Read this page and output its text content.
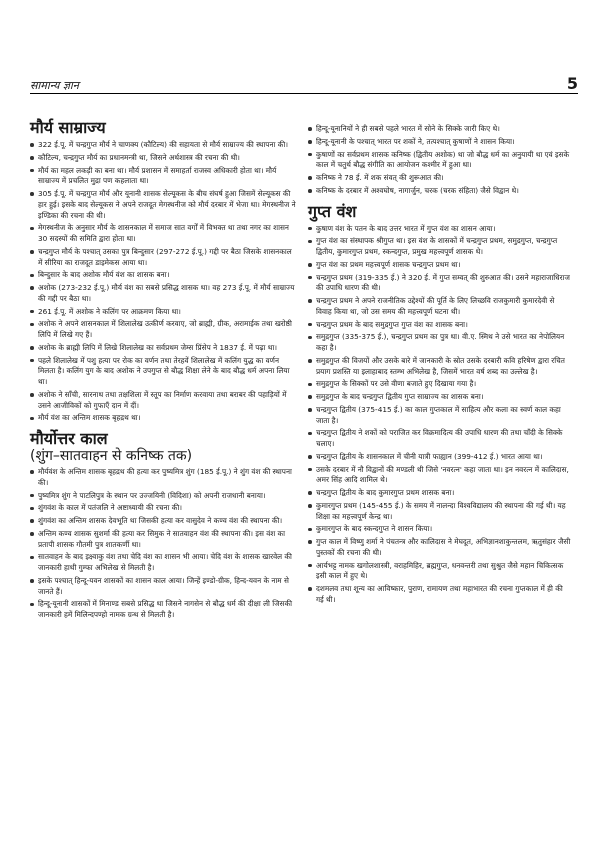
सामान्य ज्ञान	5
मौर्य साम्राज्य
322 ई.पू. में चन्द्रगुप्त मौर्य ने चाणक्य (कौटिल्य) की सहायता से मौर्य साम्राज्य की स्थापना की।
कौटिल्य, चन्द्रगुप्त मौर्य का प्रधानमन्त्री था, जिसने अर्थशास्त्र की रचना की थी।
मौर्य का महल लकड़ी का बना था। मौर्य प्रशासन में समाहर्ता राजस्व अधिकारी होता था। मौर्य साम्राज्य में प्रचलित मुद्रा पण कहलाता था।
305 ई.पू. में चन्द्रगुप्त मौर्य और यूनानी शासक सेल्यूकस के बीच संघर्ष हुआ जिसमें सेल्यूकस की हार हुई। इसके बाद सेल्यूकस ने अपने राजदूत मेगस्थनीज को मौर्य दरबार में भेजा था। मेगस्थनीज ने इण्डिका की रचना की थी।
मेगस्थनीज के अनुसार मौर्य के शासनकाल में समाज सात वर्गों में विभक्त था तथा नगर का शासन 30 सदस्यों की समिति द्वारा होता था।
चन्द्रगुप्त मौर्य के पश्चात् उसका पुत्र बिन्दुसार (297-272 ई.पू.) गद्दी पर बैठा जिसके शासनकाल में सीरिया का राजदूत डाइमेकस आया था।
बिन्दुसार के बाद अशोक मौर्य वंश का शासक बना।
अशोक (273-232 ई.पू.) मौर्य वंश का सबसे प्रसिद्ध शासक था। वह 273 ई.पू. में मौर्य साम्राज्य की गद्दी पर बैठा था।
261 ई.पू. में अशोक ने कलिंग पर आक्रमण किया था।
अशोक ने अपने शासनकाल में शिलालेख उत्कीर्ण करवाए, जो ब्राह्मी, ग्रीक, अरामाईक तथा खरोष्ठी लिपि में लिखे गए हैं।
अशोक के ब्राह्मी लिपि में लिखे शिलालेख का सर्वप्रथम जेम्स प्रिंसेप ने 1837 ई. में पढ़ा था।
पहले शिलालेख में पशु हत्या पर रोक का वर्णन तथा तेरहवें शिलालेख में कलिंग युद्ध का वर्णन मिलता है। कलिंग युग के बाद अशोक ने उपगुप्त से बौद्ध शिक्षा लेने के बाद बौद्ध धर्म अपना लिया था।
अशोक ने साँची, सारनाथ तथा तक्षशिला में स्तूप का निर्माण करवाया तथा बराबर की पहाड़ियों में उसने आजीविकों को गुफाएँ दान में दीं।
मौर्य वंश का अन्तिम शासक बृहद्रथ था।
मौर्योत्तर काल
(शुंग–सातवाहन से कनिष्क तक)
मौर्यवंश के अन्तिम शासक बृहद्रथ की हत्या कर पुष्यमित्र शुंग (185 ई.पू.) ने शुंग वंश की स्थापना की।
पुष्यमित्र शुंग ने पाटलिपुत्र के स्थान पर उज्जयिनी (विदिशा) को अपनी राजधानी बनाया।
शुंगवंश के काल में पतंजलि ने अष्टाध्यायी की रचना की।
शुंगवंश का अन्तिम शासक देवभूति था जिसकी हत्या कर वासुदेव ने कण्व वंश की स्थापना की।
अन्तिम कण्व शासक सुशर्मा की हत्या कर सिमुक ने सातवाहन वंश की स्थापना की। इस वंश का प्रतापी शासक गौतमी पुत्र शातकर्णी था।
सातवाहन के बाद इक्ष्वाकु वंश तथा चेदि वंश का शासन भी आया। चेदि वंश के शासक खारवेल की जानकारी हाथी गुम्फा अभिलेख से मिलती है।
इसके पश्चात् हिन्दू-यवन शासकों का शासन काल आया। जिन्हें इण्डो-ग्रीक, हिन्द-यवन के नाम से जानते हैं।
हिन्दू-यूनानी शासकों में मिनाण्ड सबसे प्रसिद्ध था जिसने नागसेन से बौद्ध धर्म की दीक्षा ली जिसकी जानकारी हमें मिलिन्दपण्हो नामक ग्रन्थ से मिलती है।
हिन्दू-यूनानियों ने ही सबसे पहले भारत में सोने के सिक्के जारी किए थे।
हिन्दू-यूनानी के पश्चात् भारत पर शकों ने, तत्पश्चात् कुषाणों ने शासन किया।
कुषाणों का सर्वप्रथम शासक कनिष्क (द्वितीय अशोक) था जो बौद्ध धर्म का अनुयायी था एवं इसके काल में चतुर्थ बौद्ध संगीति का आयोजन कश्मीर में हुआ था।
कनिष्क ने 78 ई. में शक संवत् की शुरूआत की।
कनिष्क के दरबार में अश्वघोष, नागार्जुन, चरक (चरक संहिता) जैसे विद्वान थे।
गुप्त वंश
कुषाण वंश के पतन के बाद उत्तर भारत में गुप्त वंश का शासन आया।
गुप्त वंश का संस्थापक श्रीगुप्त था। इस वंश के शासकों में चन्द्रगुप्त प्रथम, समुद्रगुप्त, चन्द्रगुप्त द्वितीय, कुमारगुप्त प्रथम, स्कन्दगुप्त, प्रमुख महत्त्वपूर्ण शासक थे।
गुप्त वंश का प्रथम महत्त्वपूर्ण शासक चन्द्रगुप्त प्रथम था।
चन्द्रगुप्त प्रथम (319-335 ई.) ने 320 ई. में गुप्त सम्वत् की शुरुआत की। उसने महाराजाधिराज की उपाधि धारण की थी।
चन्द्रगुप्त प्रथम ने अपने राजनीतिक उद्देश्यों की पूर्ति के लिए लिच्छवि राजकुमारी कुमारदेवी से विवाह किया था, जो उस समय की महत्त्वपूर्ण घटना थी।
चन्द्रगुप्त प्रथम के बाद समुद्रगुप्त गुप्त वंश का शासक बना।
समुद्रगुप्त (335-375 ई.), चन्द्रगुप्त प्रथम का पुत्र था। वी.ए. स्मिथ ने उसे भारत का नेपोलियन कहा है।
समुद्रगुप्त की विजयों और उसके बारे में जानकारी के स्रोत उसके दरबारी कवि हरिषेण द्वारा रचित प्रयाग प्रशस्ति या इलाहाबाद स्तम्भ अभिलेख है, जिसमें भारत वर्ष शब्द का उल्लेख है।
समुद्रगुप्त के सिक्कों पर उसे वीणा बजाते हुए दिखाया गया है।
समुद्रगुप्त के बाद चन्द्रगुप्त द्वितीय गुप्त साम्राज्य का शासक बना।
चन्द्रगुप्त द्वितीय (375-415 ई.) का काल गुप्तकाल में साहित्य और कला का स्वर्ण काल कहा जाता है।
चन्द्रगुप्त द्वितीय ने शकों को पराजित कर विक्रमादित्य की उपाधि धारण की तथा चाँदी के सिक्के चलाए।
चन्द्रगुप्त द्वितीय के शासनकाल में चीनी यात्री फाह्यान (399-412 ई.) भारत आया था।
उसके दरबार में नौ विद्वानों की मण्डली थी जिसे 'नवरत्न' कहा जाता था। इन नवरत्न में कालिदास, अमर सिंह आदि शामिल थे।
चन्द्रगुप्त द्वितीय के बाद कुमारगुप्त प्रथम शासक बना।
कुमारगुप्त प्रथम (145-455 ई.) के समय में नालन्दा विश्वविद्यालय की स्थापना की गई थी। यह शिक्षा का महत्त्वपूर्ण केन्द्र था।
कुमारगुप्त के बाद स्कन्दगुप्त ने शासन किया।
गुप्त काल में विष्णु शर्मा ने पंचतन्त्र और कालिदास ने मेघदूत, अभिज्ञानशाकुन्तलम, ऋतुसंहार जैसी पुस्तकों की रचना की थी।
आर्यभट्ट नामक खगोलशास्त्री, वराहमिहिर, ब्रह्मगुप्त, धनवन्तरी तथा सुश्रुत जैसे महान चिकित्सक इसी काल में हुए थे।
दशमलव तथा शून्य का आविष्कार, पुराण, रामायण तथा महाभारत की रचना गुप्तकाल में ही की गई थी।
